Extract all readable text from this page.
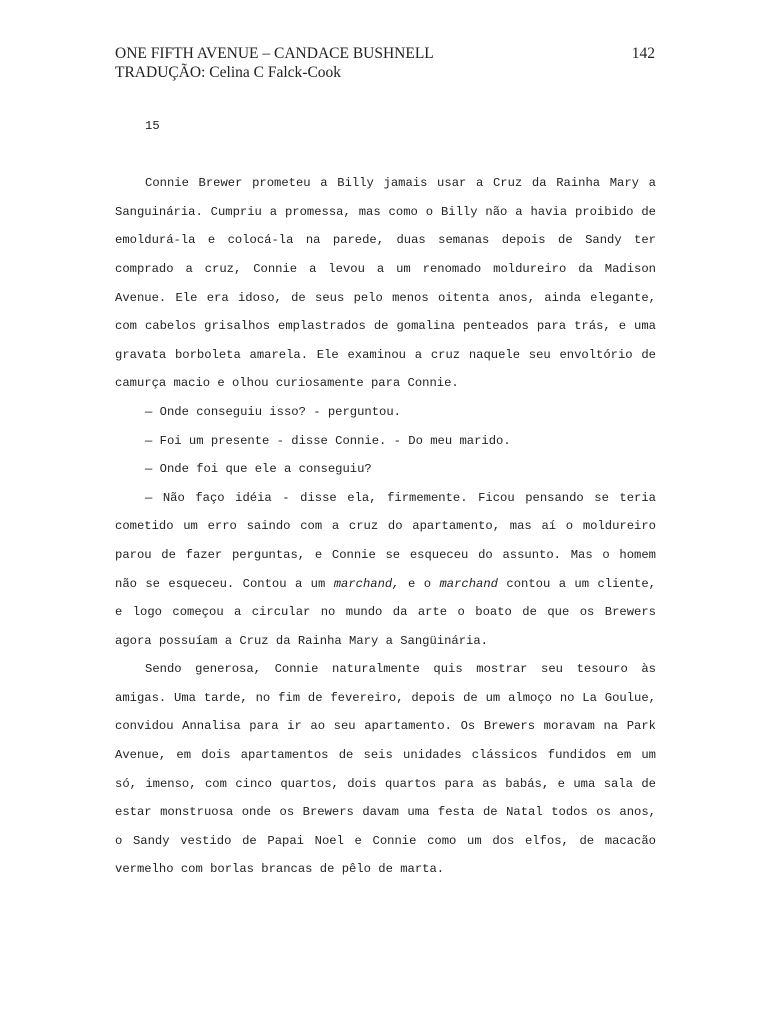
ONE FIFTH AVENUE – CANDACE BUSHNELL	142
TRADUÇÃO: Celina C Falck-Cook
15

Connie Brewer prometeu a Billy jamais usar a Cruz da Rainha Mary a Sanguinária. Cumpriu a promessa, mas como o Billy não a havia proibido de emoldurá-la e colocá-la na parede, duas semanas depois de Sandy ter comprado a cruz, Connie a levou a um renomado moldureiro da Madison Avenue. Ele era idoso, de seus pelo menos oitenta anos, ainda elegante, com cabelos grisalhos emplastrados de gomalina penteados para trás, e uma gravata borboleta amarela. Ele examinou a cruz naquele seu envoltório de camurça macio e olhou curiosamente para Connie.

— Onde conseguiu isso? - perguntou.

— Foi um presente - disse Connie. - Do meu marido.

— Onde foi que ele a conseguiu?

— Não faço idéia - disse ela, firmemente. Ficou pensando se teria cometido um erro saindo com a cruz do apartamento, mas aí o moldureiro parou de fazer perguntas, e Connie se esqueceu do assunto. Mas o homem não se esqueceu. Contou a um marchand, e o marchand contou a um cliente, e logo começou a circular no mundo da arte o boato de que os Brewers agora possuíam a Cruz da Rainha Mary a Sangüinária.

Sendo generosa, Connie naturalmente quis mostrar seu tesouro às amigas. Uma tarde, no fim de fevereiro, depois de um almoço no La Goulue, convidou Annalisa para ir ao seu apartamento. Os Brewers moravam na Park Avenue, em dois apartamentos de seis unidades clássicos fundidos em um só, imenso, com cinco quartos, dois quartos para as babás, e uma sala de estar monstruosa onde os Brewers davam uma festa de Natal todos os anos, o Sandy vestido de Papai Noel e Connie como um dos elfos, de macacão vermelho com borlas brancas de pêlo de marta.
